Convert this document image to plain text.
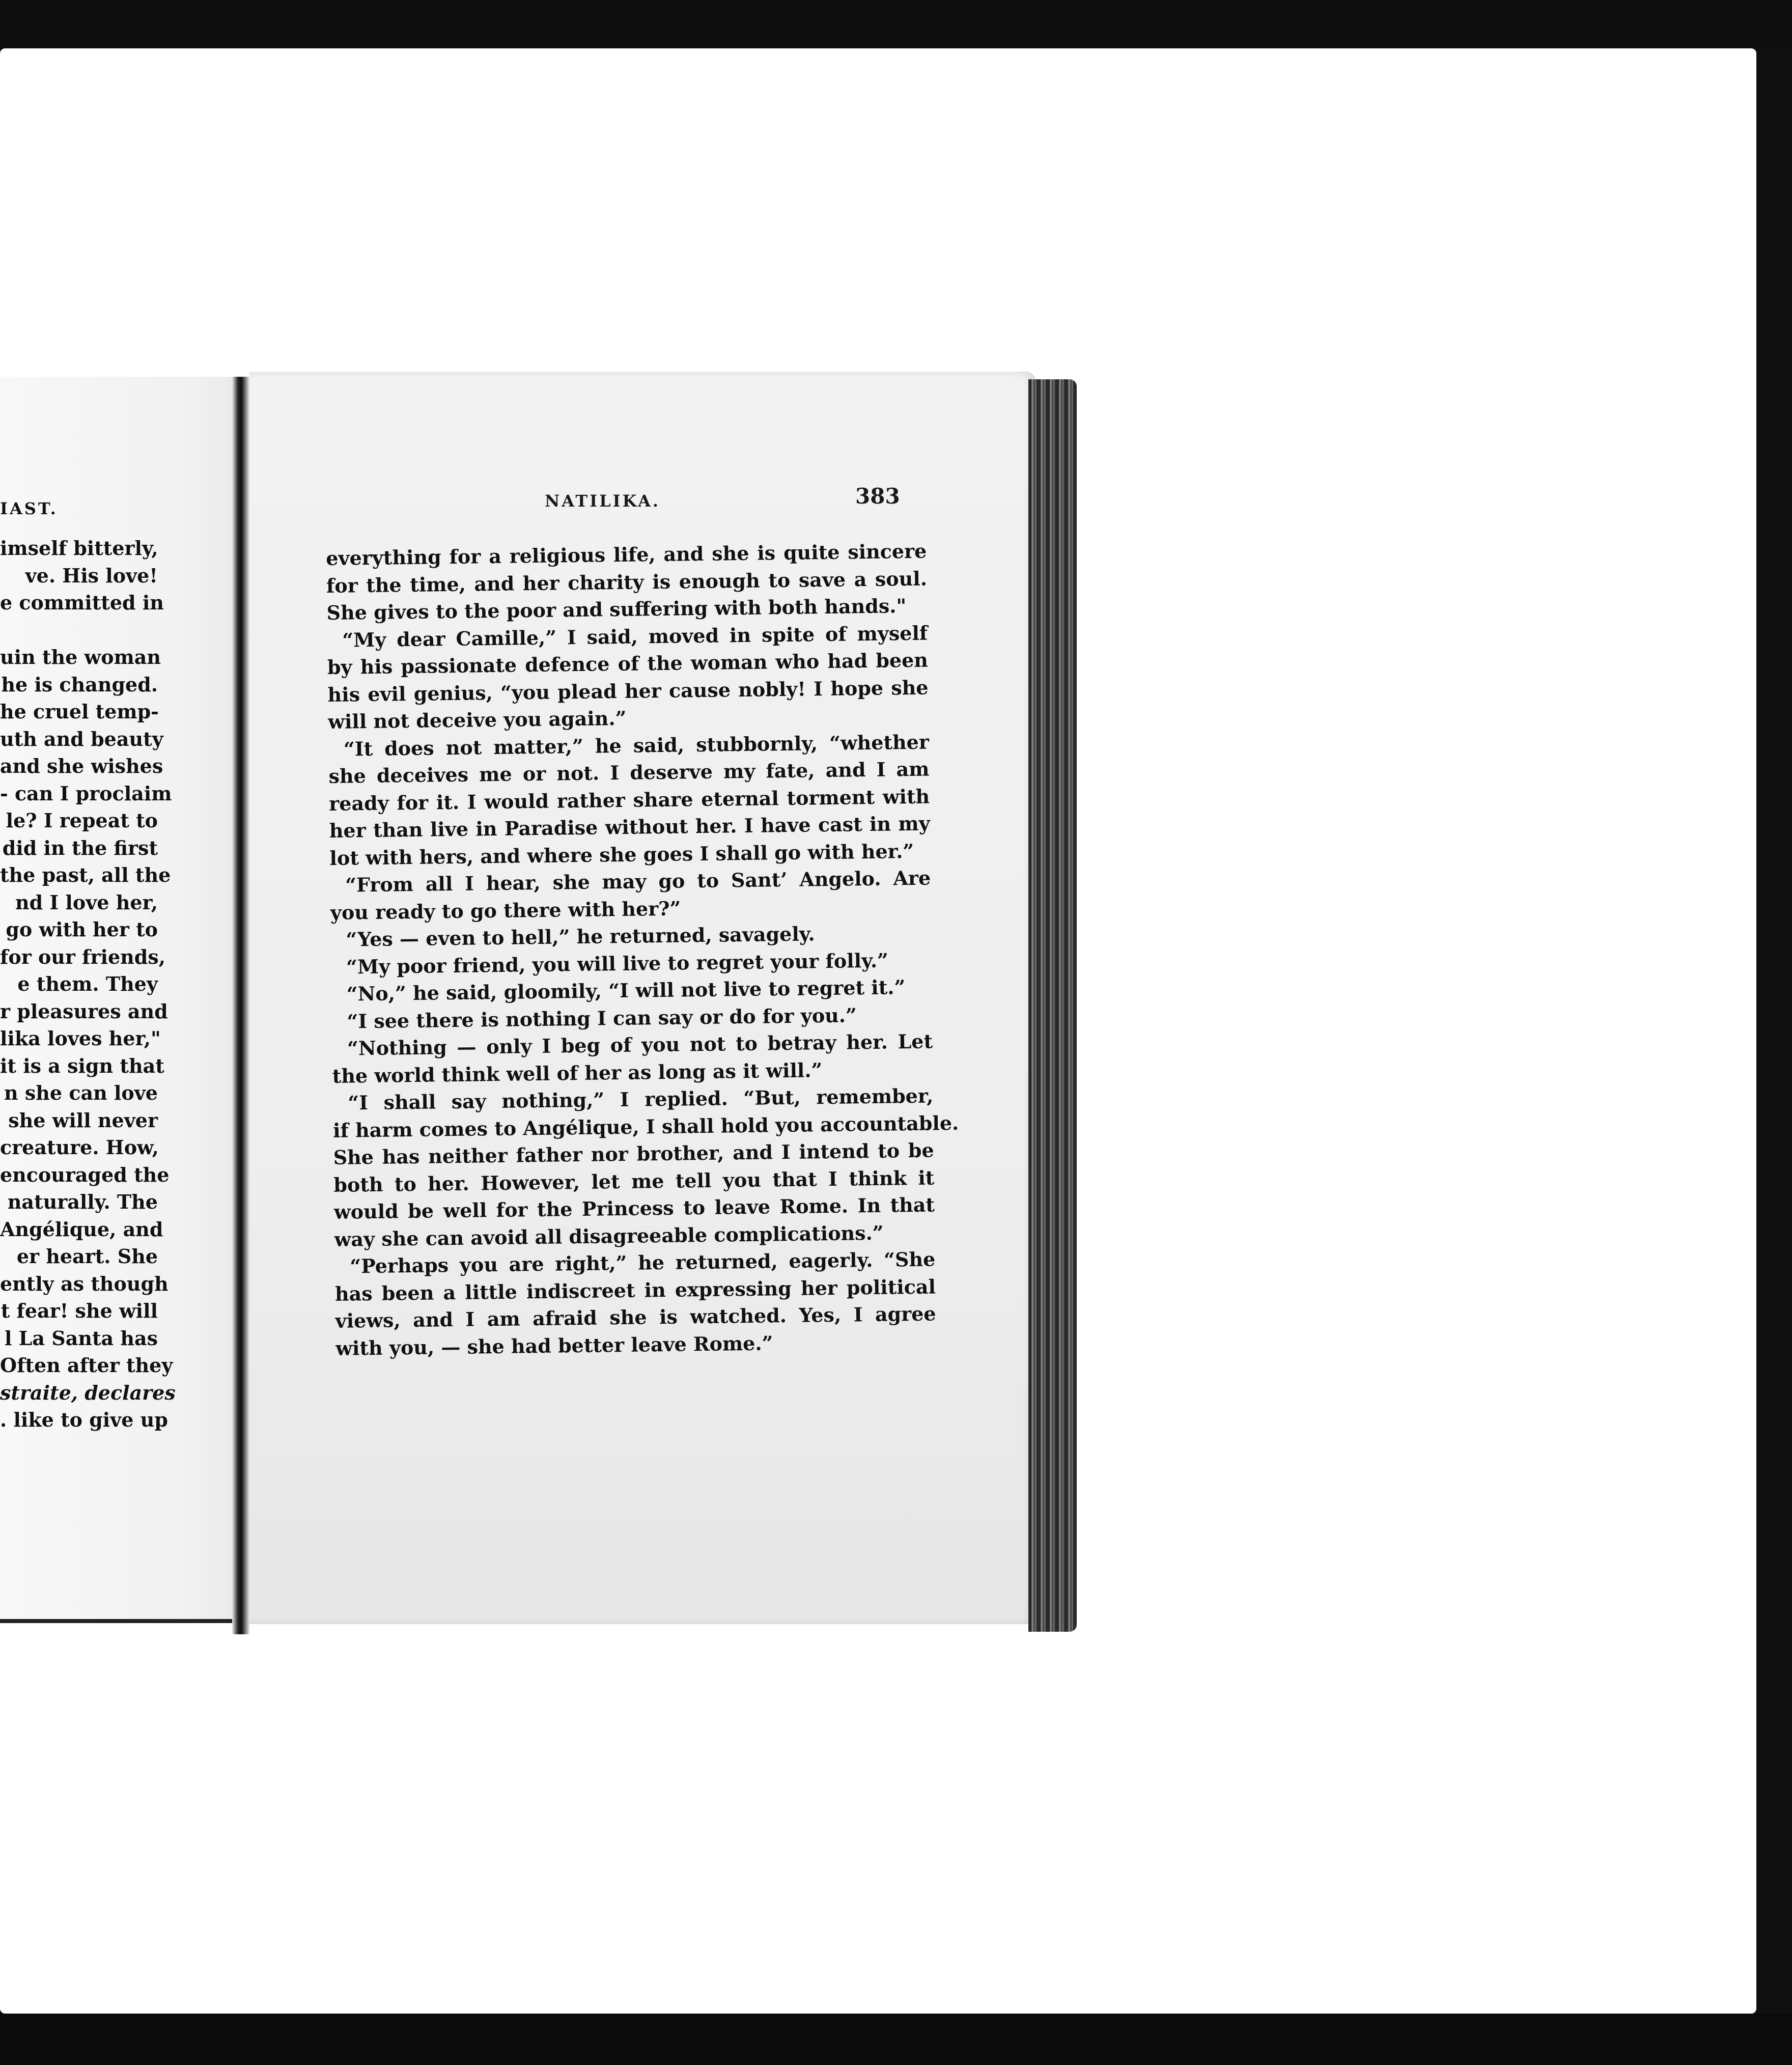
IAST.
imself bitterly,
ve. His love!
e committed in

uin the woman
he is changed.
he cruel temp-
uth and beauty
and she wishes
- can I proclaim
le? I repeat to
did in the first
the past, all the
nd I love her,
go with her to
for our friends,
e them. They
r pleasures and
lika loves her,"
it is a sign that
n she can love
she will never
creature. How,
encouraged the
naturally. The
Angélique, and
er heart. She
ently as though
t fear! she will
l La Santa has
Often after they
straite, declares
. like to give up
NATILIKA.	383
everything for a religious life, and she is quite sincere
for the time, and her charity is enough to save a soul.
She gives to the poor and suffering with both hands."
“My dear Camille,” I said, moved in spite of myself
by his passionate defence of the woman who had been
his evil genius, “you plead her cause nobly! I hope she
will not deceive you again.”
“It does not matter,” he said, stubbornly, “whether
she deceives me or not. I deserve my fate, and I am
ready for it. I would rather share eternal torment with
her than live in Paradise without her. I have cast in my
lot with hers, and where she goes I shall go with her.”
“From all I hear, she may go to Sant’ Angelo. Are
you ready to go there with her?”
“Yes — even to hell,” he returned, savagely.
“My poor friend, you will live to regret your folly.”
“No,” he said, gloomily, “I will not live to regret it.”
“I see there is nothing I can say or do for you.”
“Nothing — only I beg of you not to betray her. Let
the world think well of her as long as it will.”
“I shall say nothing,” I replied. “But, remember,
if harm comes to Angélique, I shall hold you accountable.
She has neither father nor brother, and I intend to be
both to her. However, let me tell you that I think it
would be well for the Princess to leave Rome. In that
way she can avoid all disagreeable complications.”
“Perhaps you are right,” he returned, eagerly. “She
has been a little indiscreet in expressing her political
views, and I am afraid she is watched. Yes, I agree
with you, — she had better leave Rome.”
